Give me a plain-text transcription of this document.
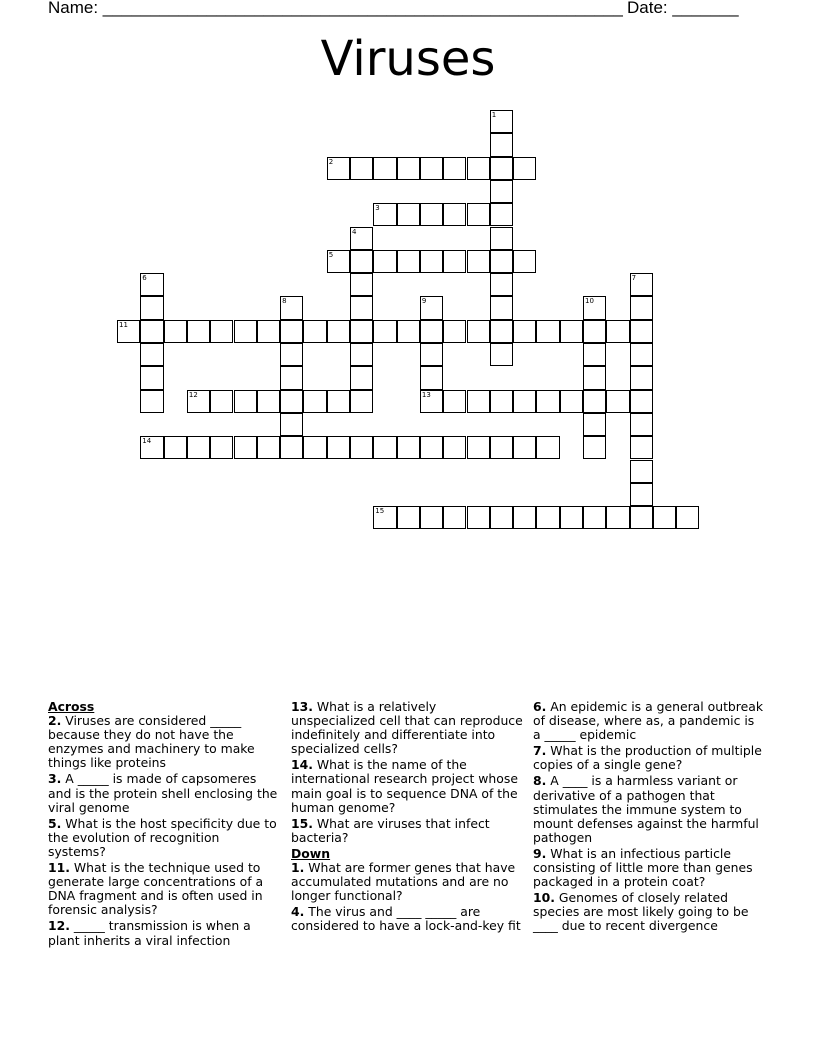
Name: _______________________________________________________ Date: _______
Viruses
1
2
3
4
5
6	7
8	9	10
11
12	13
14
15
Across
2. Viruses are considered _____ because they do not have the enzymes and machinery to make things like proteins
3. A _____ is made of capsomeres and is the protein shell enclosing the viral genome
5. What is the host specificity due to the evolution of recognition systems?
11. What is the technique used to generate large concentrations of a DNA fragment and is often used in forensic analysis?
12. _____ transmission is when a plant inherits a viral infection
13. What is a relatively unspecialized cell that can reproduce indefinitely and differentiate into specialized cells?
14. What is the name of the international research project whose main goal is to sequence DNA of the human genome?
15. What are viruses that infect bacteria?
Down
1. What are former genes that have accumulated mutations and are no longer functional?
4. The virus and ____ _____ are considered to have a lock-and-key fit
6. An epidemic is a general outbreak of disease, where as, a pandemic is a _____ epidemic
7. What is the production of multiple copies of a single gene?
8. A ____ is a harmless variant or derivative of a pathogen that stimulates the immune system to mount defenses against the harmful pathogen
9. What is an infectious particle consisting of little more than genes packaged in a protein coat?
10. Genomes of closely related species are most likely going to be ____ due to recent divergence
